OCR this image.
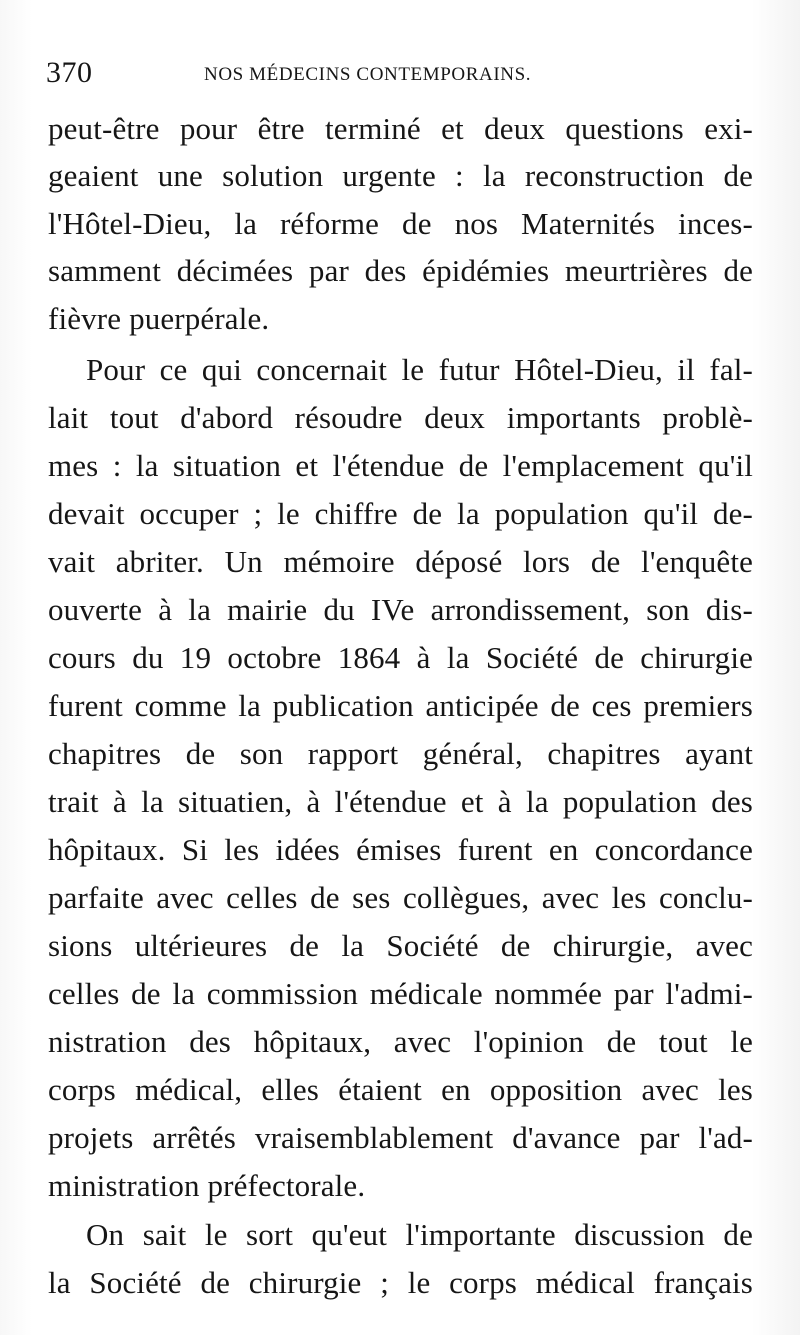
370	NOS MÉDECINS CONTEMPORAINS.
peut-être pour être terminé et deux questions exi-
geaient une solution urgente : la reconstruction de
l'Hôtel-Dieu, la réforme de nos Maternités inces-
samment décimées par des épidémies meurtrières de
fièvre puerpérale.
Pour ce qui concernait le futur Hôtel-Dieu, il fal-
lait tout d'abord résoudre deux importants problè-
mes : la situation et l'étendue de l'emplacement qu'il
devait occuper ; le chiffre de la population qu'il de-
vait abriter. Un mémoire déposé lors de l'enquête
ouverte à la mairie du IVe arrondissement, son dis-
cours du 19 octobre 1864 à la Société de chirurgie
furent comme la publication anticipée de ces premiers
chapitres de son rapport général, chapitres ayant
trait à la situatien, à l'étendue et à la population des
hôpitaux. Si les idées émises furent en concordance
parfaite avec celles de ses collègues, avec les conclu-
sions ultérieures de la Société de chirurgie, avec
celles de la commission médicale nommée par l'admi-
nistration des hôpitaux, avec l'opinion de tout le
corps médical, elles étaient en opposition avec les
projets arrêtés vraisemblablement d'avance par l'ad-
ministration préfectorale.
On sait le sort qu'eut l'importante discussion de
la Société de chirurgie ; le corps médical français
